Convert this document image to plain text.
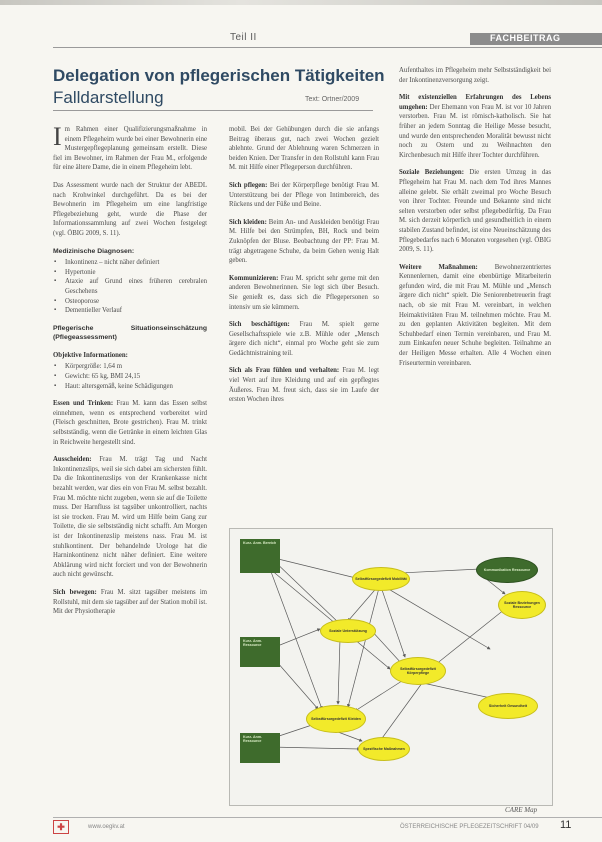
Teil II	FACHBEITRAG
Delegation von pflegerischen Tätigkeiten
Falldarstellung	Text: Ortner/2009

Im Rahmen einer Qualifizierungsmaßnahme in einem Pflegeheim wurde bei einer Bewohnerin eine Mustergepflegeplanung gemeinsam erstellt. Diese fiel im Bewohner, im Rahmen der Frau M., erfolgende für eine ältere Dame, die in einem Pflegeheim lebt.

Das Assessment wurde nach der Struktur der ABEDL nach Krohwinkel durchgeführt. Da es bei der Bewohnerin im Pflegeheim um eine langfristige Pflegebeziehung geht, wurde die Phase der Informationssammlung auf zwei Wochen festgelegt (vgl. ÖBIG 2009, S. 11).

Medizinische Diagnosen:

▪ Inkontinenz – nicht näher definiert
▪ Hypertonie
▪ Ataxie auf Grund eines früheren cerebralen Geschehens
▪ Osteoporose
▪ Dementieller Verlauf

Pflegerische Situationseinschätzung (Pflegeassessment)

Objektive Informationen:

▪ Körpergröße: 1,64 m
▪ Gewicht: 65 kg, BMI 24,15
▪ Haut: altersgemäß, keine Schädigungen

Essen und Trinken: Frau M. kann das Essen selbst einnehmen, wenn es entsprechend vorbereitet wird (Fleisch geschnitten, Brote gestrichen). Frau M. trinkt selbstständig, wenn die Getränke in einem leichten Glas in Reichweite hergestellt sind.

Ausscheiden: Frau M. trägt Tag und Nacht Inkontinenzslips, weil sie sich dabei am sichersten fühlt. Da die Inkontinenzslips von der Krankenkasse nicht bezahlt werden, war dies ein von Frau M. selbst bezahlt. Frau M. möchte nicht zugeben, wenn sie auf die Toilette muss. Der Harnfluss ist tagsüber unkontrolliert, nachts ist sie trocken. Frau M. wird um Hilfe beim Gang zur Toilette, die sie selbstständig nicht schafft. Am Morgen ist der Inkontinenzslip meistens nass. Frau M. ist stuhlkontinent. Der behandelnde Urologe hat die Harninkontinenz nicht näher definiert. Eine weitere Abklärung wird nicht forciert und von der Bewohnerin auch nicht gewünscht.

Sich bewegen: Frau M. sitzt tagsüber meistens im Rollstuhl, mit dem sie tagsüber auf der Station mobil ist. Mit der Physiotherapie

mobil. Bei der Gehübungen durch die sie anfangs Beitrag überaus gut, nach zwei Wochen gezielt ablehnte. Grund der Ablehnung waren Schmerzen in beiden Knien. Der Transfer in den Rollstuhl kann Frau M. mit Hilfe einer Pflegeperson durchführen.

Sich pflegen: Bei der Körperpflege benötigt Frau M. Unterstützung bei der Pflege von Intimbereich, des Rückens und der Füße und Beine.

Sich kleiden: Beim An- und Auskleiden benötigt Frau M. Hilfe bei den Strümpfen, BH, Rock und beim Zuknöpfen der Bluse. Beobachtung der PP: Frau M. trägt abgetragene Schuhe, da beim Gehen wenig Halt geben.

Kommunizieren: Frau M. spricht sehr gerne mit den anderen Bewohnerinnen. Sie legt sich über Besuch. Sie genießt es, dass sich die Pflegepersonen so intensiv um sie kümmern.

Sich beschäftigen: Frau M. spielt gerne Gesellschaftsspiele wie z.B. Mühle oder „Mensch ärgere dich nicht“, einmal pro Woche geht sie zum Gedächtnistraining teil.

Sich als Frau fühlen und verhalten: Frau M. legt viel Wert auf ihre Kleidung und auf ein gepflegtes Äußeres. Frau M. freut sich, dass sie im Laufe der ersten Wochen ihres

Aufenthaltes im Pflegeheim mehr Selbstständigkeit bei der Inkontinenzversorgung zeigt.

Mit existenziellen Erfahrungen des Lebens umgehen: Der Ehemann von Frau M. ist vor 10 Jahren verstorben. Frau M. ist römisch-katholisch. Sie hat früher an jedem Sonntag die Heilige Messe besucht, und wurde den entsprechenden Moralität bewusst nicht noch zu Ostern und zu Weihnachten den Kirchenbesuch mit Hilfe ihrer Tochter durchführen.

Soziale Beziehungen: Die ersten Umzug in das Pflegeheim hat Frau M. nach dem Tod ihres Mannes alleine gelebt. Sie erhält zweimal pro Woche Besuch von ihrer Tochter. Freunde und Bekannte sind nicht selten verstorben oder selbst pflegebedürftig. Da Frau M. sich derzeit körperlich und gesundheitlich in einem stabilen Zustand befindet, ist eine Neueinschätzung des Pflegebedarfes nach 6 Monaten vorgesehen (vgl. ÖBIG 2009, S. 11).

Weitere Maßnahmen: Bewohnerzentriertes Kennenlernen, damit eine ebenbürtige Mitarbeiterin gefunden wird, die mit Frau M. Mühle und „Mensch ärgere dich nicht“ spielt. Die Seniorenbetreuerin fragt nach, ob sie mit Frau M. vereinbart, in welchen Heimaktivitäten Frau M. teilnehmen möchte. Frau M. zu den geplanten Aktivitäten begleiten. Mit dem Schuhbedarf einen Termin vereinbaren, und Frau M. zum Einkaufen neuer Schuhe begleiten. Teilnahme an der Heiligen Messe erhalten. Alle 4 Wochen einen Friseurtermin vereinbaren.

Kurz- Anm. Bereich
Kurz- Anm. Ressource
Kurz- Anm. Ressource
Selbstfürsorgedefizit Mobilität
Kommunikation Ressource
Soziale Beziehungen Ressource
Soziale Unterstützung
Selbstfürsorgedefizit Körperpflege
Selbstfürsorgedefizit Kleiden
Sicherheit Gesundheit
Spezifische Maßnahmen
CARE Map
✚	www.oegkv.at	ÖSTERREICHISCHE PFLEGEZEITSCHRIFT 04/09 11
